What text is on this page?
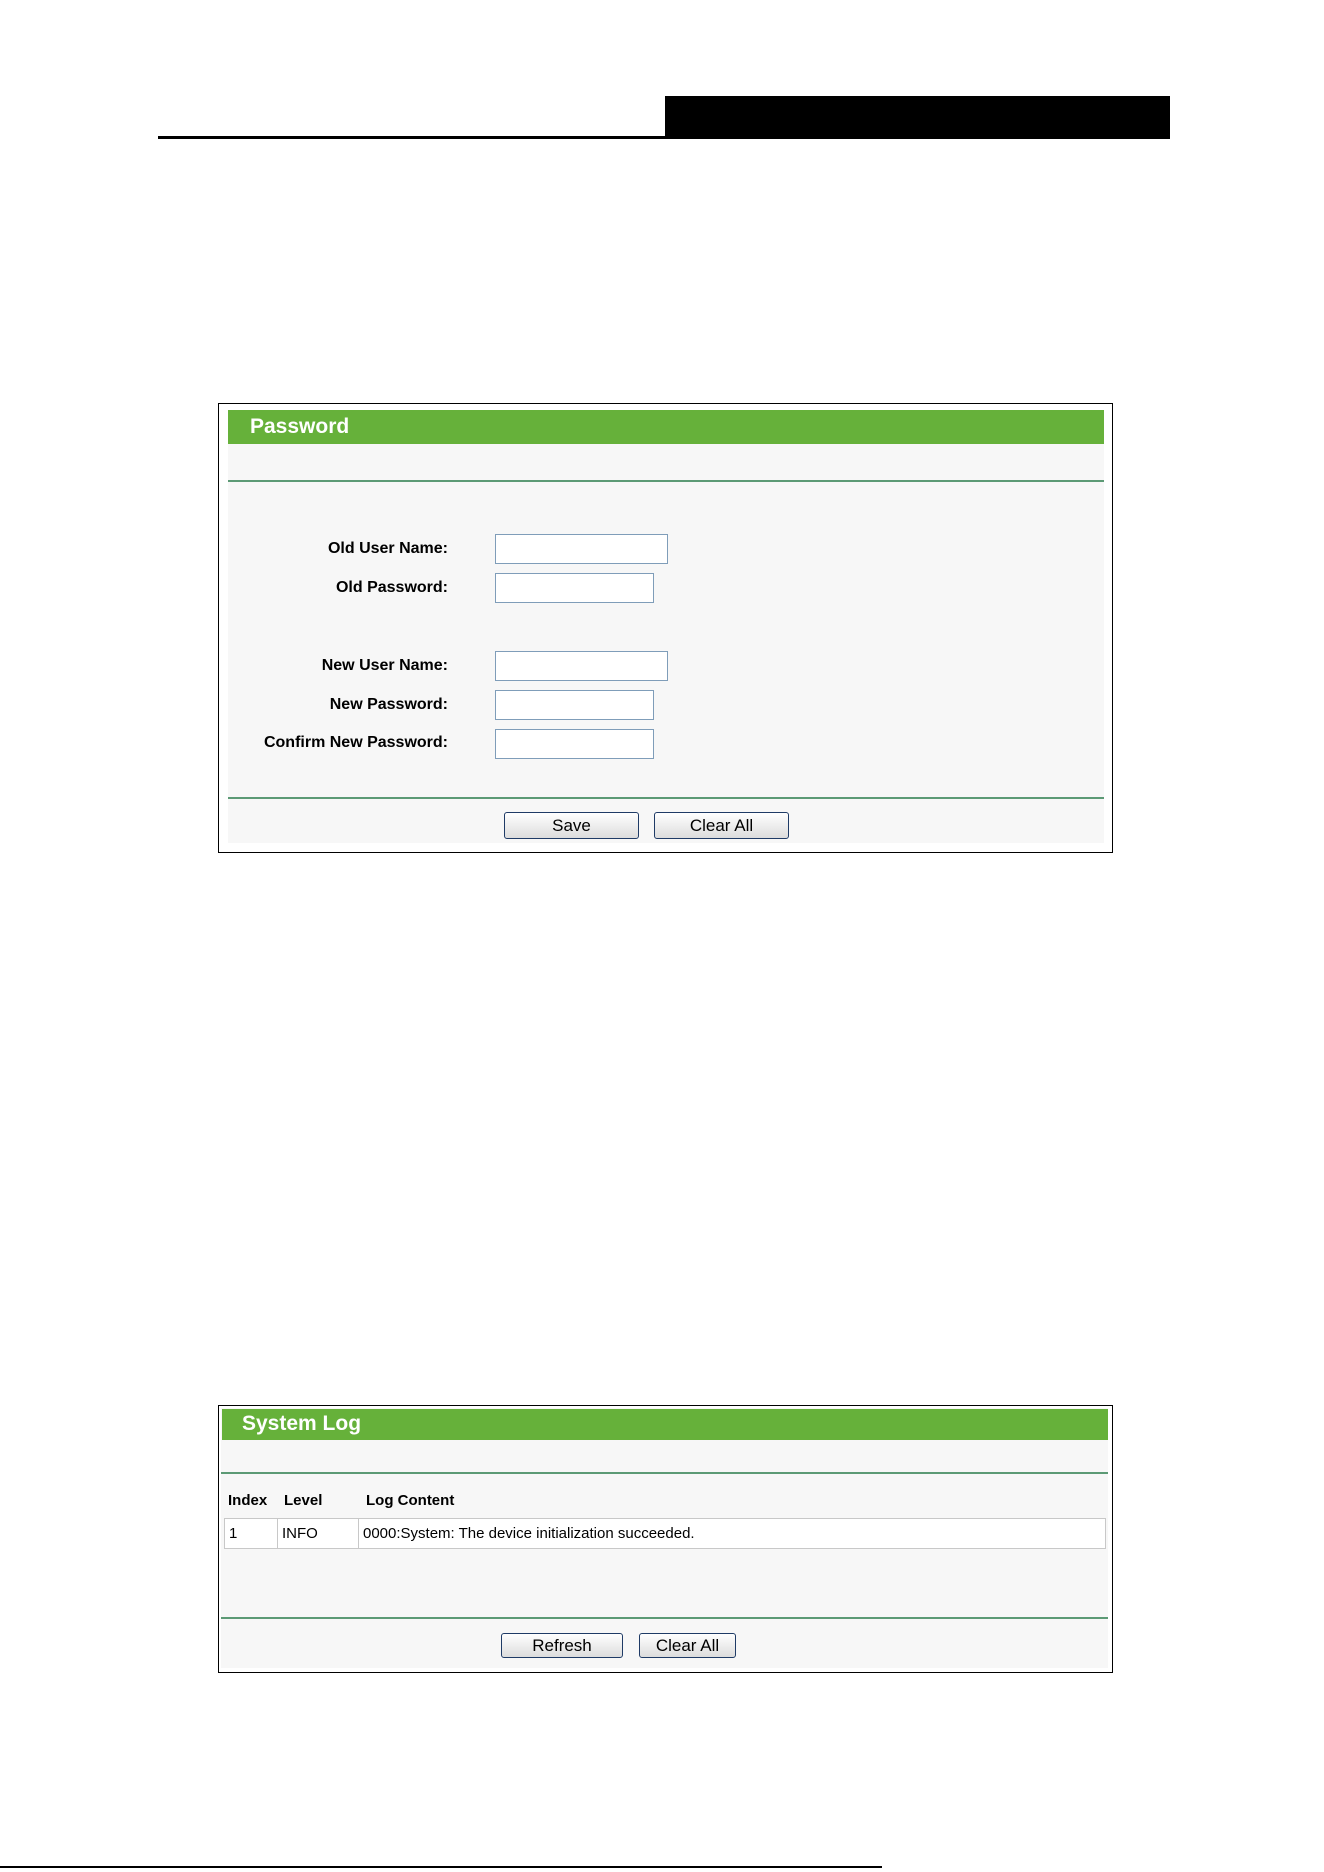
Password
Old User Name:
Old Password:
New User Name:
New Password:
Confirm New Password:
Save	Clear All
System Log
Index Level	Log Content
1	INFO	0000:System: The device initialization succeeded.
Refresh	Clear All
